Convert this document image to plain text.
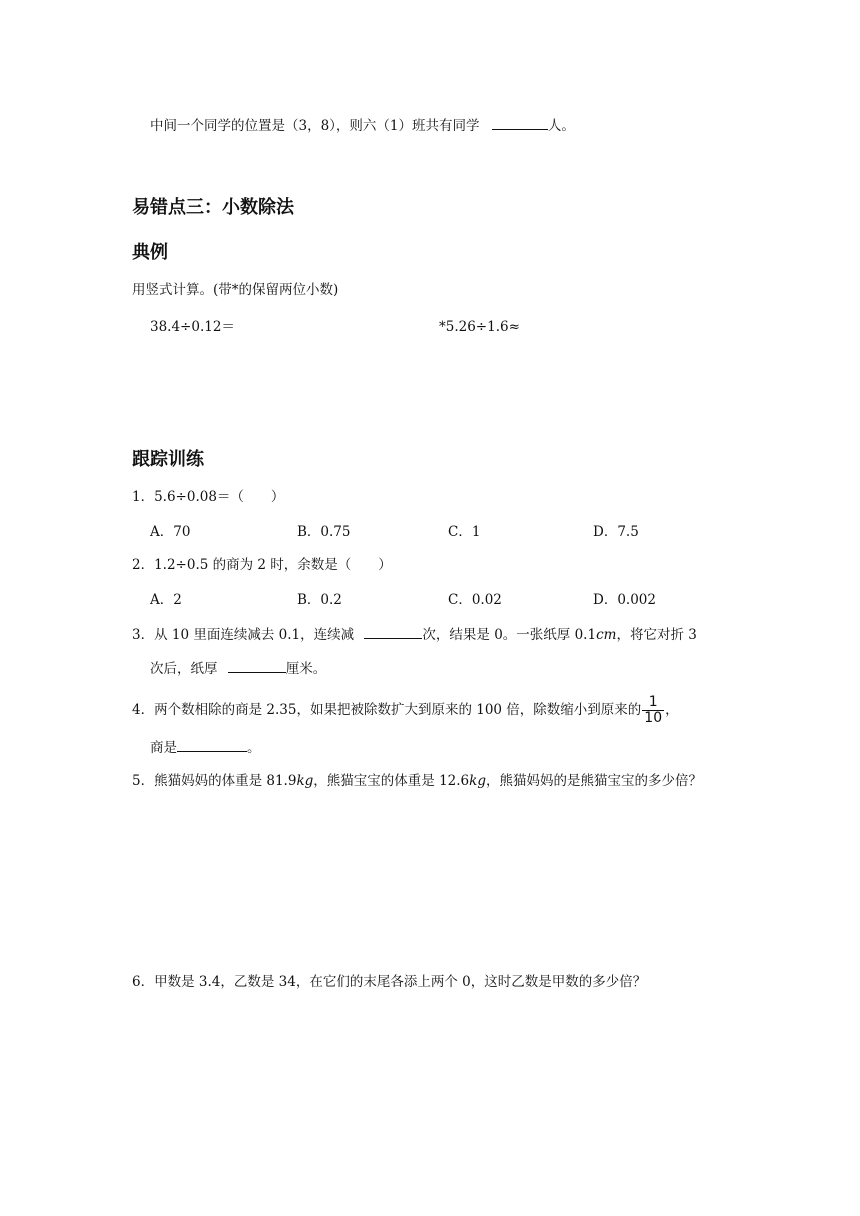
中间一个同学的位置是（3，8），则六（1）班共有同学	人。
易错点三：小数除法
典例
用竖式计算。(带*的保留两位小数)
38.4÷0.12＝	*5.26÷1.6≈
跟踪训练
1．5.6÷0.08＝（　　）
A．70	B．0.75	C．1	D．7.5
2．1.2÷0.5 的商为 2 时，余数是（　　）
A．2	B．0.2	C．0.02	D．0.002
3．从 10 里面连续减去 0.1，连续减	次，结果是 0。一张纸厚 0.1cm，将它对折 3
次后，纸厚	厘米。
4．两个数相除的商是 2.35，如果把被除数扩大到原来的 100 倍，除数缩小到原来的 $\frac{1}{10}$ ，
商是	。
5．熊猫妈妈的体重是 81.9kg，熊猫宝宝的体重是 12.6kg，熊猫妈妈的是熊猫宝宝的多少倍？
6．甲数是 3.4，乙数是 34，在它们的末尾各添上两个 0，这时乙数是甲数的多少倍？
